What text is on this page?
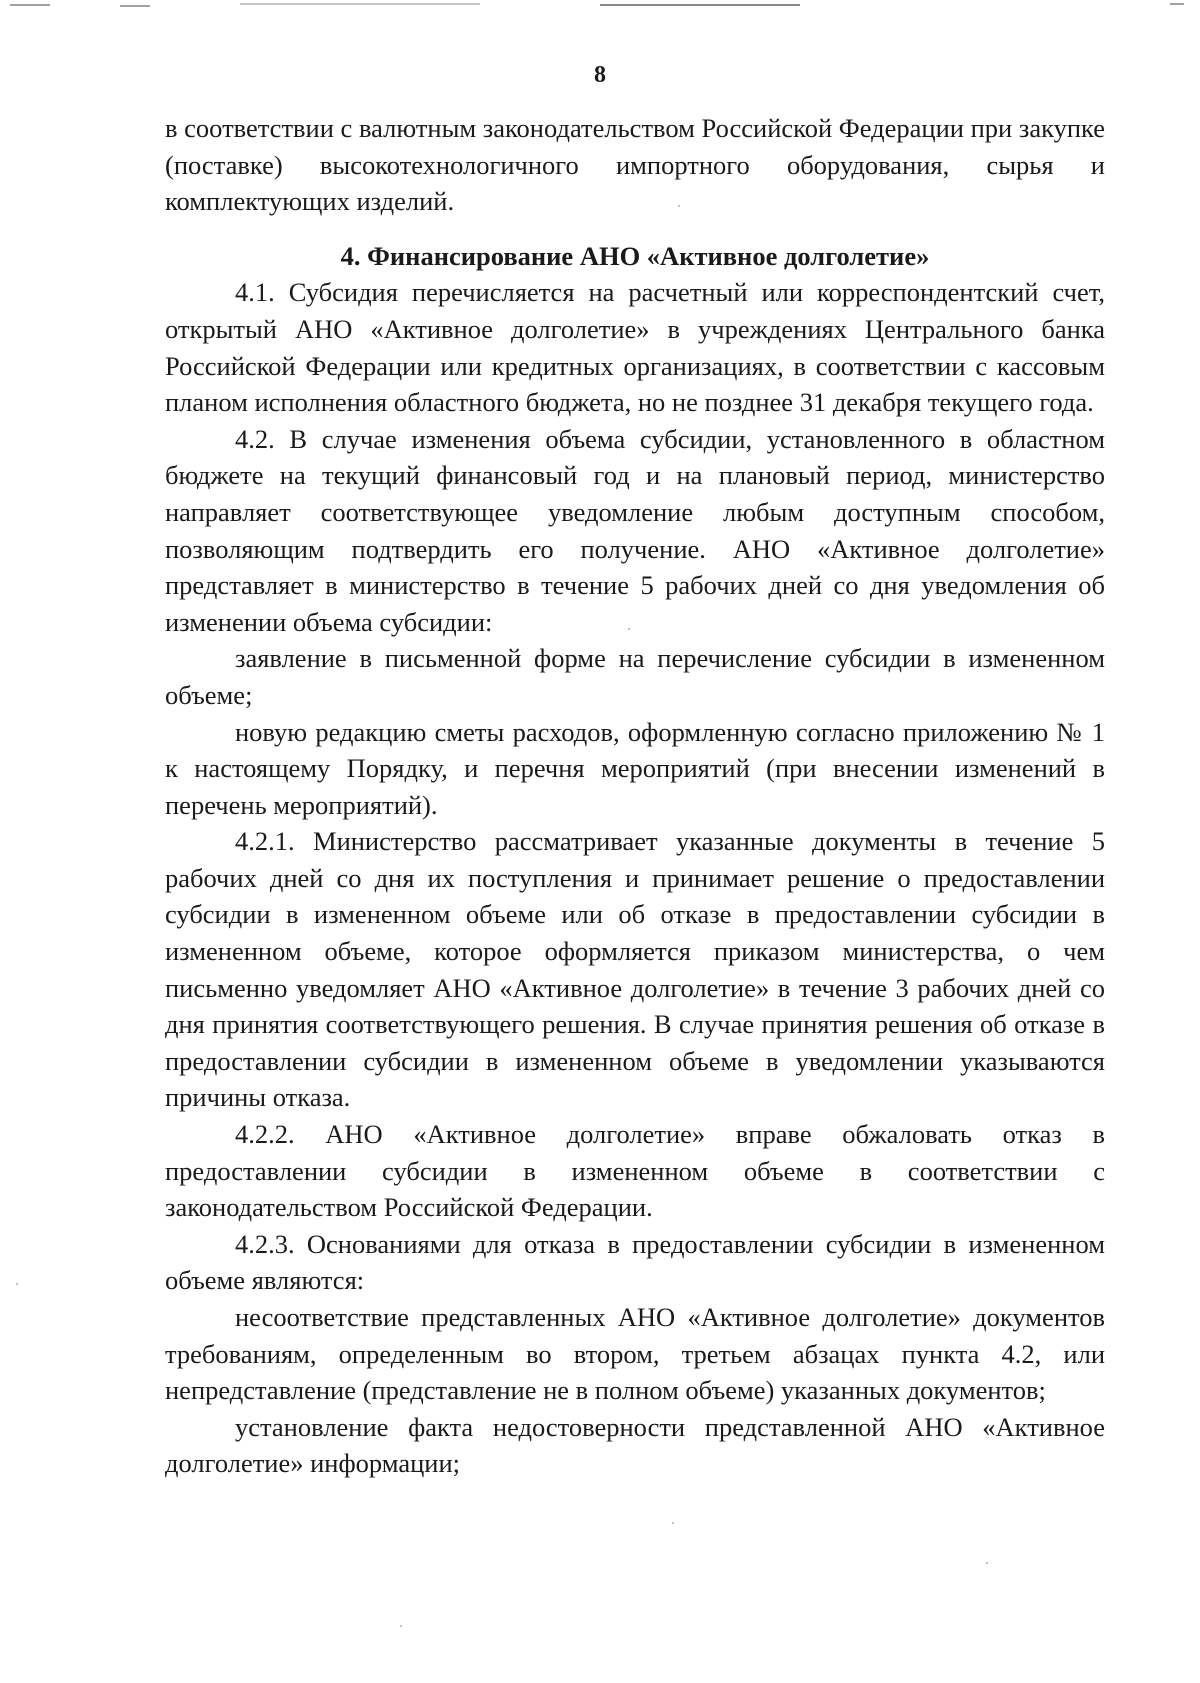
8

в соответствии с валютным законодательством Российской Федерации при закупке (поставке) высокотехнологичного импортного оборудования, сырья и комплектующих изделий.

4. Финансирование АНО «Активное долголетие»

4.1. Субсидия перечисляется на расчетный или корреспондентский счет, открытый АНО «Активное долголетие» в учреждениях Центрального банка Российской Федерации или кредитных организациях, в соответствии с кассовым планом исполнения областного бюджета, но не позднее 31 декабря текущего года.

4.2. В случае изменения объема субсидии, установленного в областном бюджете на текущий финансовый год и на плановый период, министерство направляет соответствующее уведомление любым доступным способом, позволяющим подтвердить его получение. АНО «Активное долголетие» представляет в министерство в течение 5 рабочих дней со дня уведомления об изменении объема субсидии:

заявление в письменной форме на перечисление субсидии в измененном объеме;

новую редакцию сметы расходов, оформленную согласно приложению № 1 к настоящему Порядку, и перечня мероприятий (при внесении изменений в перечень мероприятий).

4.2.1. Министерство рассматривает указанные документы в течение 5 рабочих дней со дня их поступления и принимает решение о предоставлении субсидии в измененном объеме или об отказе в предоставлении субсидии в измененном объеме, которое оформляется приказом министерства, о чем письменно уведомляет АНО «Активное долголетие» в течение 3 рабочих дней со дня принятия соответствующего решения. В случае принятия решения об отказе в предоставлении субсидии в измененном объеме в уведомлении указываются причины отказа.

4.2.2. АНО «Активное долголетие» вправе обжаловать отказ в предоставлении субсидии в измененном объеме в соответствии с законодательством Российской Федерации.

4.2.3. Основаниями для отказа в предоставлении субсидии в измененном объеме являются:

несоответствие представленных АНО «Активное долголетие» документов требованиям, определенным во втором, третьем абзацах пункта 4.2, или непредставление (представление не в полном объеме) указанных документов;

установление факта недостоверности представленной АНО «Активное долголетие» информации;
